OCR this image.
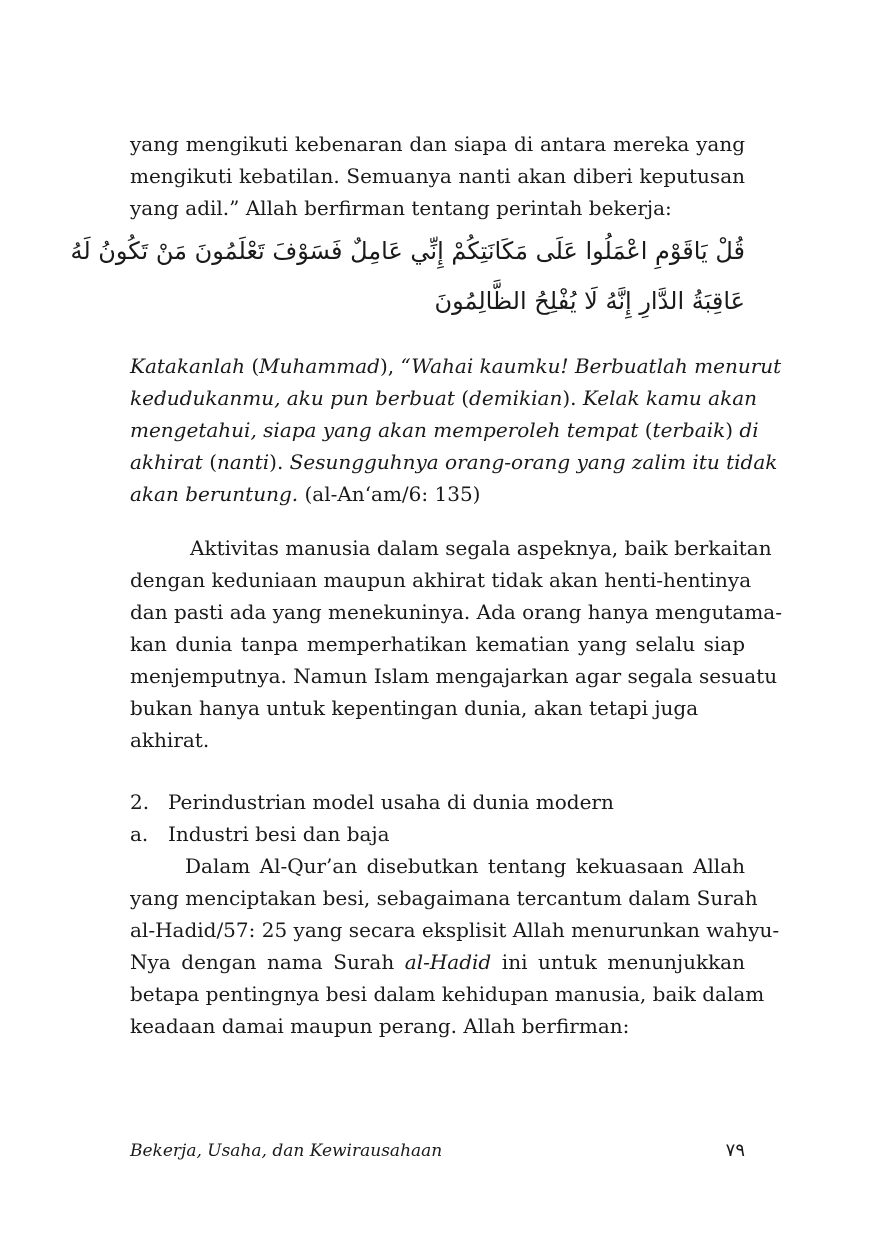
yang mengikuti kebenaran dan siapa di antara mereka yang
mengikuti kebatilan. Semuanya nanti akan diberi keputusan
yang adil.” Allah berfirman tentang perintah bekerja:
قُلْ يَاقَوْمِ اعْمَلُوا عَلَى مَكَانَتِكُمْ إِنِّي عَامِلٌ فَسَوْفَ تَعْلَمُونَ مَنْ تَكُونُ لَهُ
عَاقِبَةُ الدَّارِ إِنَّهُ لَا يُفْلِحُ الظَّالِمُونَ
Katakanlah (Muhammad), “Wahai kaumku! Berbuatlah menurut
kedudukanmu, aku pun berbuat (demikian). Kelak kamu akan
mengetahui, siapa yang akan memperoleh tempat (terbaik) di
akhirat (nanti). Sesungguhnya orang-orang yang zalim itu tidak
akan beruntung. (al-An‘am/6: 135)
Aktivitas manusia dalam segala aspeknya, baik berkaitan
dengan keduniaan maupun akhirat tidak akan henti-hentinya
dan pasti ada yang menekuninya. Ada orang hanya mengutama-
kan dunia tanpa memperhatikan kematian yang selalu siap
menjemputnya. Namun Islam mengajarkan agar segala sesuatu
bukan hanya untuk kepentingan dunia, akan tetapi juga akhirat.
2. Perindustrian model usaha di dunia modern
a. Industri besi dan baja
Dalam Al-Qur’an disebutkan tentang kekuasaan Allah
yang menciptakan besi, sebagaimana tercantum dalam Surah
al-Hadid/57: 25 yang secara eksplisit Allah menurunkan wahyu-
Nya dengan nama Surah al-Hadid ini untuk menunjukkan
betapa pentingnya besi dalam kehidupan manusia, baik dalam
keadaan damai maupun perang. Allah berfirman:
Bekerja, Usaha, dan Kewirausahaan	٧٩
